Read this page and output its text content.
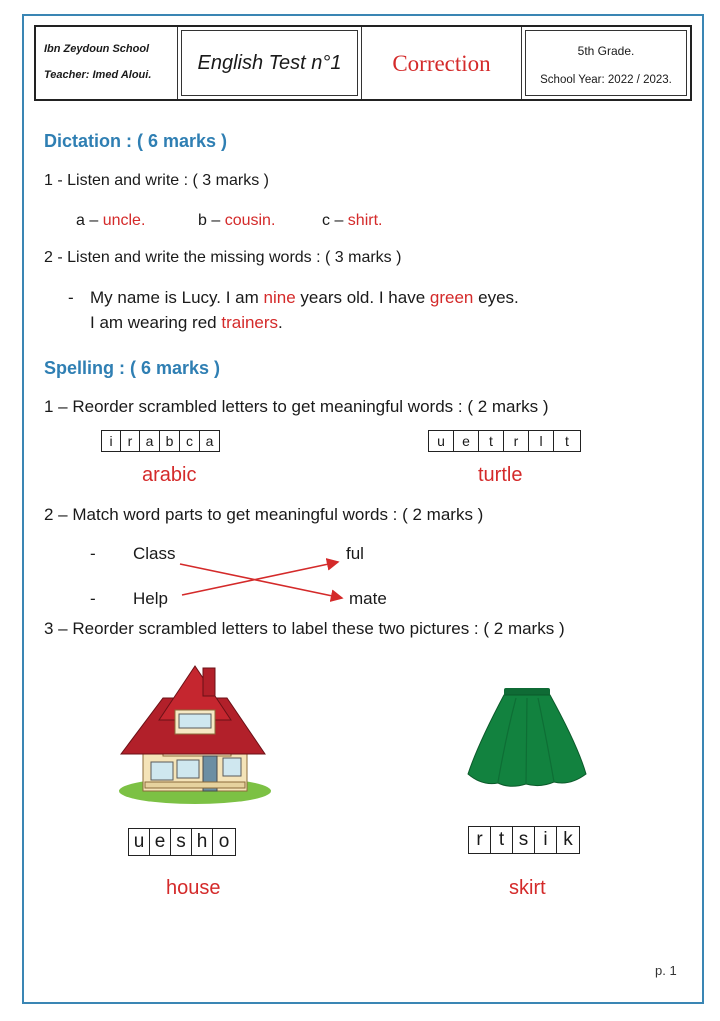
Ibn Zeydoun School
Teacher: Imed Aloui.
English Test n°1	Correction	5th Grade.
School Year: 2022 / 2023.
Dictation : ( 6 marks )
1 - Listen and write : ( 3 marks )
a – uncle.	b – cousin.	c – shirt.
2 - Listen and write the missing words : ( 3 marks )
- My name is Lucy. I am nine years old. I have green eyes.
I am wearing red trainers.
Spelling : ( 6 marks )
1 – Reorder scrambled letters to get meaningful words : ( 2 marks )
i	r a b c a
arabic
u	e	t	r	l	t
turtle
2 – Match word parts to get meaningful words : ( 2 marks )
- Class	ful
- Help	mate
3 – Reorder scrambled letters to label these two pictures : ( 2 marks )
u e s h o
house
r t s i k
skirt
p. 1
